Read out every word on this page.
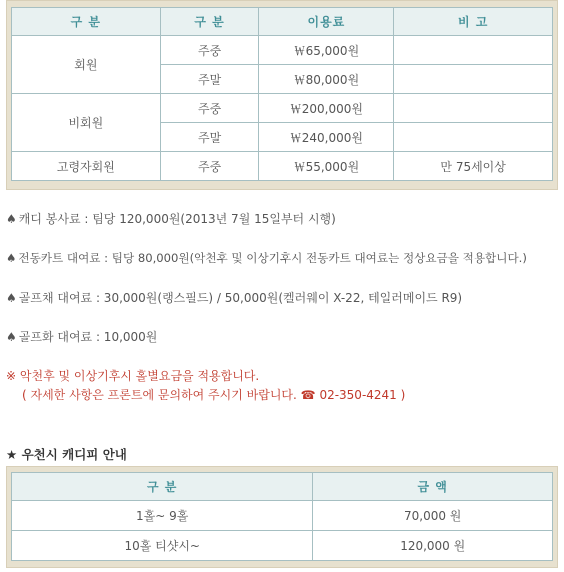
구 분	구 분	이용료	비 고
회원	주중	￦65,000원	
	주말	￦80,000원	
비회원	주중	￦200,000원	
	주말	￦240,000원	
고령자회원	주중	￦55,000원	만 75세이상
♠ 캐디 봉사료 : 팀당 120,000원(2013년 7월 15일부터 시행)
♠ 전동카트 대여료 : 팀당 80,000원(악천후 및 이상기후시 전동카트 대여료는 정상요금을 적용합니다.)
♠ 골프채 대여료 : 30,000원(랭스필드) / 50,000원(켈러웨이 X-22, 테일러메이드 R9)
♠ 골프화 대여료 : 10,000원
※ 악천후 및 이상기후시 홀별요금을 적용합니다.
( 자세한 사항은 프론트에 문의하여 주시기 바랍니다. ☎ 02-350-4241 )
★ 우천시 캐디피 안내
구 분	금 액
1홀~ 9홀	70,000 원
10홀 티샷시~	120,000 원
